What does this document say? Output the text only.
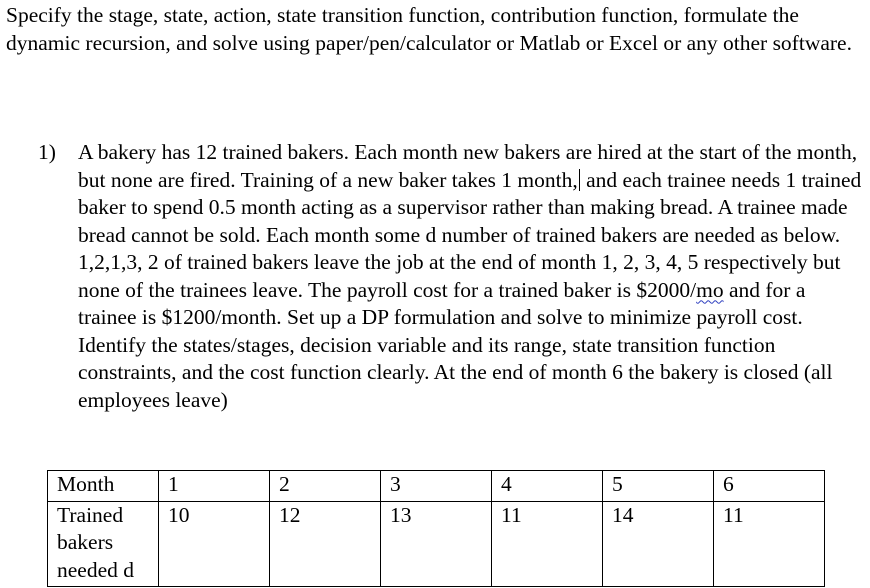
Specify the stage, state, action, state transition function, contribution function, formulate the dynamic recursion, and solve using paper/pen/calculator or Matlab or Excel or any other software.

1)	A bakery has 12 trained bakers. Each month new bakers are hired at the start of the month, but none are fired. Training of a new baker takes 1 month, and each trainee needs 1 trained baker to spend 0.5 month acting as a supervisor rather than making bread. A trainee made bread cannot be sold. Each month some d number of trained bakers are needed as below. 1,2,1,3, 2 of trained bakers leave the job at the end of month 1, 2, 3, 4, 5 respectively but none of the trainees leave. The payroll cost for a trained baker is $2000/mo and for a trainee is $1200/month. Set up a DP formulation and solve to minimize payroll cost. Identify the states/stages, decision variable and its range, state transition function constraints, and the cost function clearly. At the end of month 6 the bakery is closed (all employees leave)
Month	1	2	3	4	5	6
Trained bakers needed d	10	12	13	11	14	11
